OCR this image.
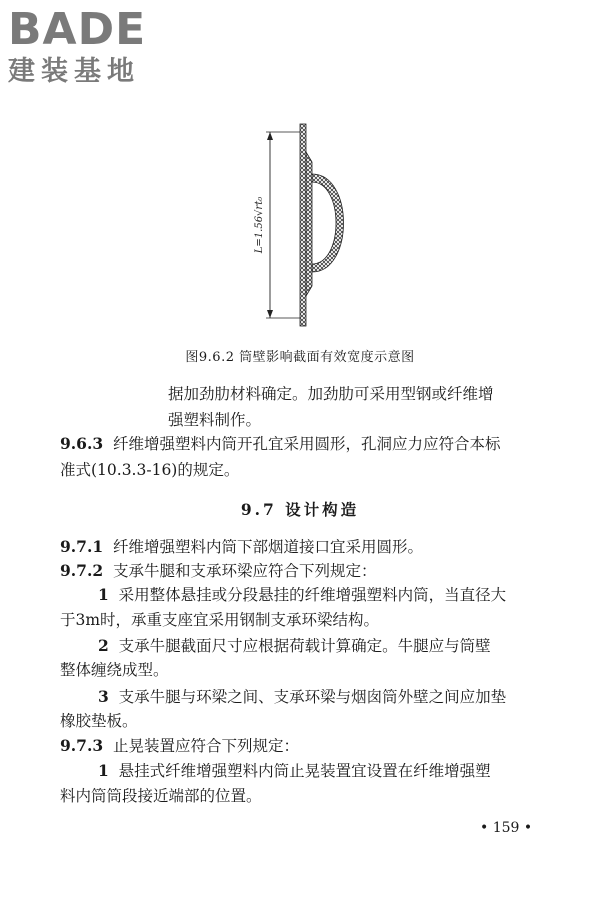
BADE
建装基地
L=1.56√rt₀
图9.6.2 筒壁影响截面有效宽度示意图
据加劲肋材料确定。加劲肋可采用型钢或纤维增
强塑料制作。
9.6.3 纤维增强塑料内筒开孔宜采用圆形，孔洞应力应符合本标
准式(10.3.3-16)的规定。
9.7 设计构造
9.7.1 纤维增强塑料内筒下部烟道接口宜采用圆形。
9.7.2 支承牛腿和支承环梁应符合下列规定：
1 采用整体悬挂或分段悬挂的纤维增强塑料内筒，当直径大
于3m时，承重支座宜采用钢制支承环梁结构。
2 支承牛腿截面尺寸应根据荷载计算确定。牛腿应与筒壁
整体缠绕成型。
3 支承牛腿与环梁之间、支承环梁与烟囱筒外壁之间应加垫
橡胶垫板。
9.7.3 止晃装置应符合下列规定：
1 悬挂式纤维增强塑料内筒止晃装置宜设置在纤维增强塑
料内筒筒段接近端部的位置。
• 159 •
